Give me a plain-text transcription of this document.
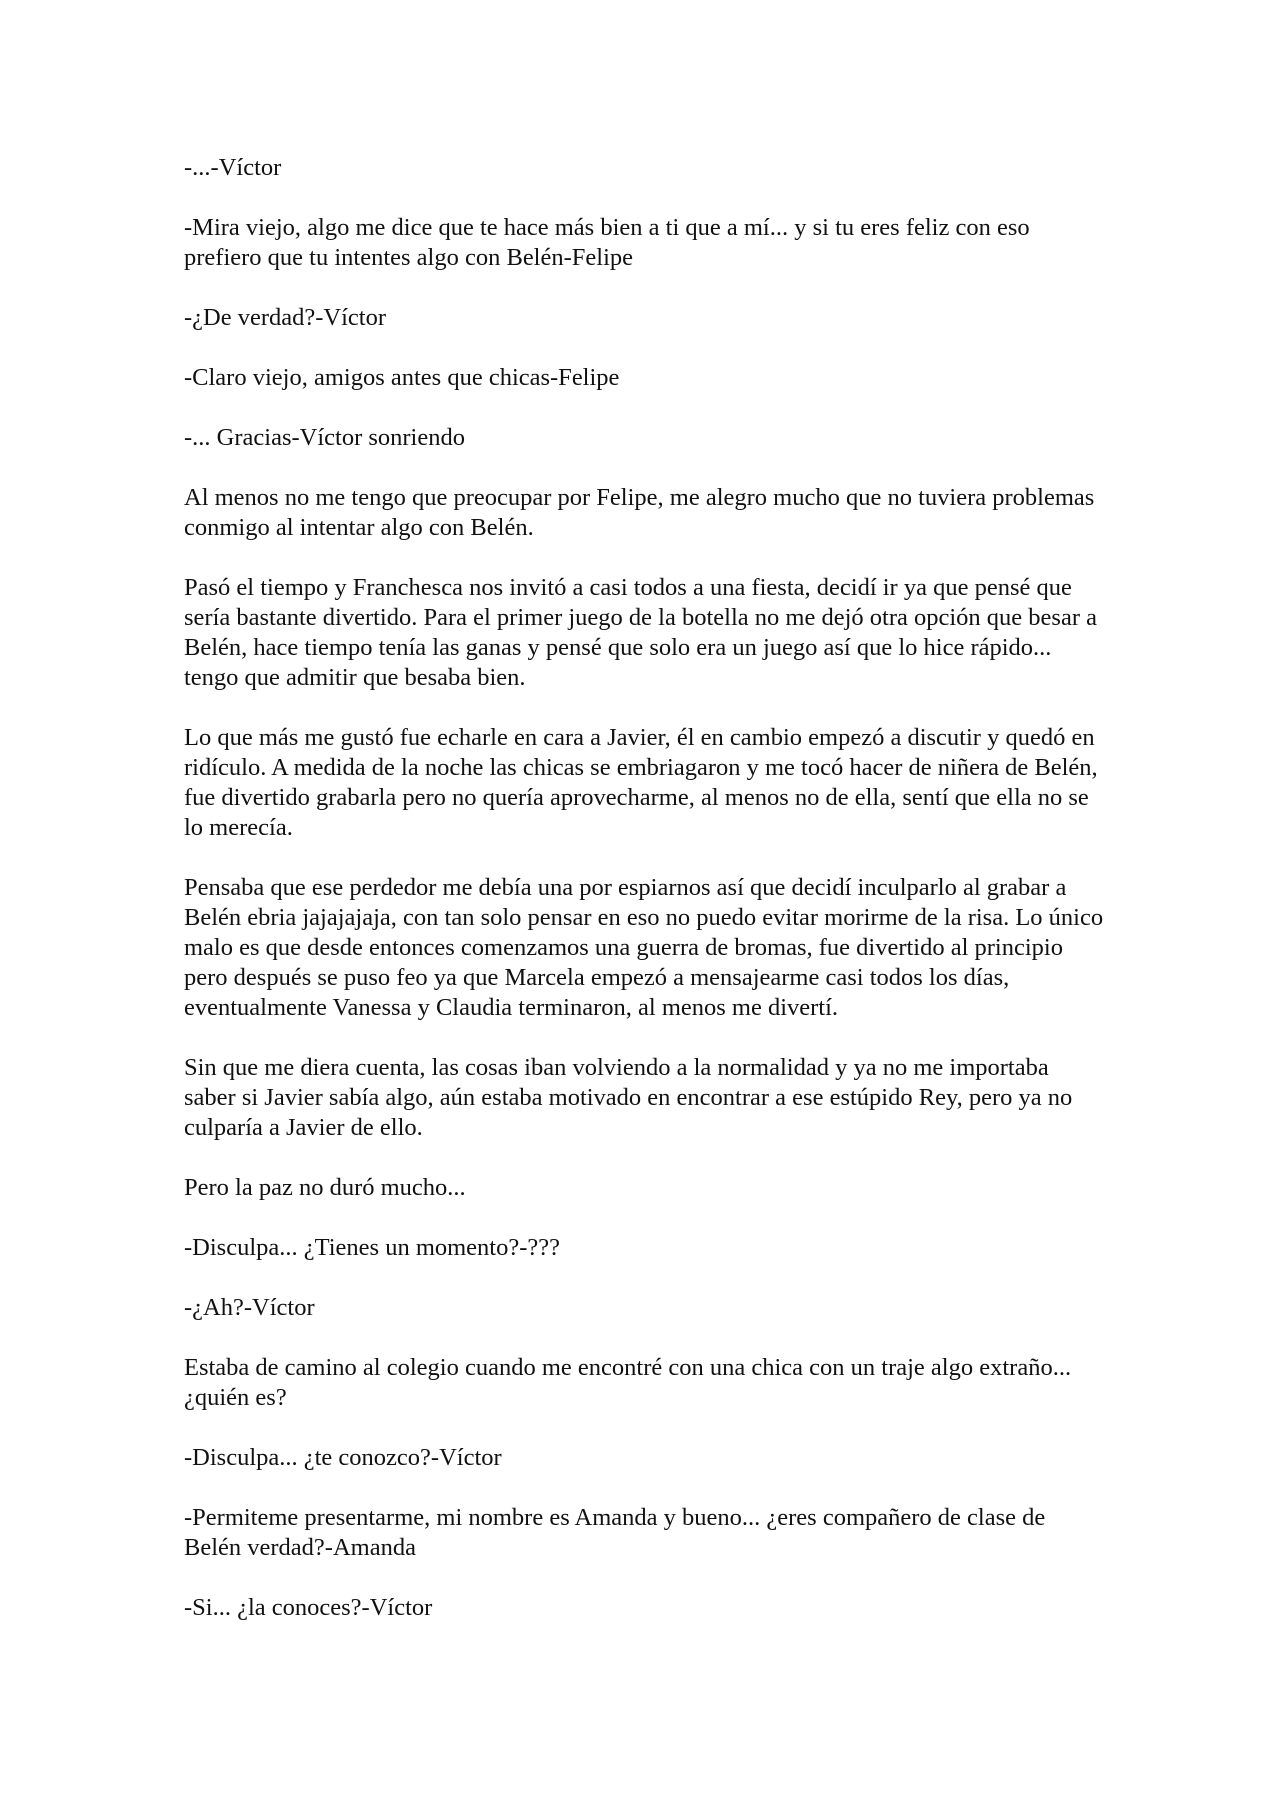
-...-Víctor

-Mira viejo, algo me dice que te hace más bien a ti que a mí... y si tu eres feliz con eso prefiero que tu intentes algo con Belén-Felipe

-¿De verdad?-Víctor

-Claro viejo, amigos antes que chicas-Felipe

-... Gracias-Víctor sonriendo

Al menos no me tengo que preocupar por Felipe, me alegro mucho que no tuviera problemas conmigo al intentar algo con Belén.

Pasó el tiempo y Franchesca nos invitó a casi todos a una fiesta, decidí ir ya que pensé que sería bastante divertido. Para el primer juego de la botella no me dejó otra opción que besar a Belén, hace tiempo tenía las ganas y pensé que solo era un juego así que lo hice rápido... tengo que admitir que besaba bien.

Lo que más me gustó fue echarle en cara a Javier, él en cambio empezó a discutir y quedó en ridículo. A medida de la noche las chicas se embriagaron y me tocó hacer de niñera de Belén, fue divertido grabarla pero no quería aprovecharme, al menos no de ella, sentí que ella no se lo merecía.

Pensaba que ese perdedor me debía una por espiarnos así que decidí inculparlo al grabar a Belén ebria jajajajaja, con tan solo pensar en eso no puedo evitar morirme de la risa. Lo único malo es que desde entonces comenzamos una guerra de bromas, fue divertido al principio pero después se puso feo ya que Marcela empezó a mensajearme casi todos los días, eventualmente Vanessa y Claudia terminaron, al menos me divertí.

Sin que me diera cuenta, las cosas iban volviendo a la normalidad y ya no me importaba saber si Javier sabía algo, aún estaba motivado en encontrar a ese estúpido Rey, pero ya no culparía a Javier de ello.

Pero la paz no duró mucho...

-Disculpa... ¿Tienes un momento?-???

-¿Ah?-Víctor

Estaba de camino al colegio cuando me encontré con una chica con un traje algo extraño... ¿quién es?

-Disculpa... ¿te conozco?-Víctor

-Permiteme presentarme, mi nombre es Amanda y bueno... ¿eres compañero de clase de Belén verdad?-Amanda

-Si... ¿la conoces?-Víctor
